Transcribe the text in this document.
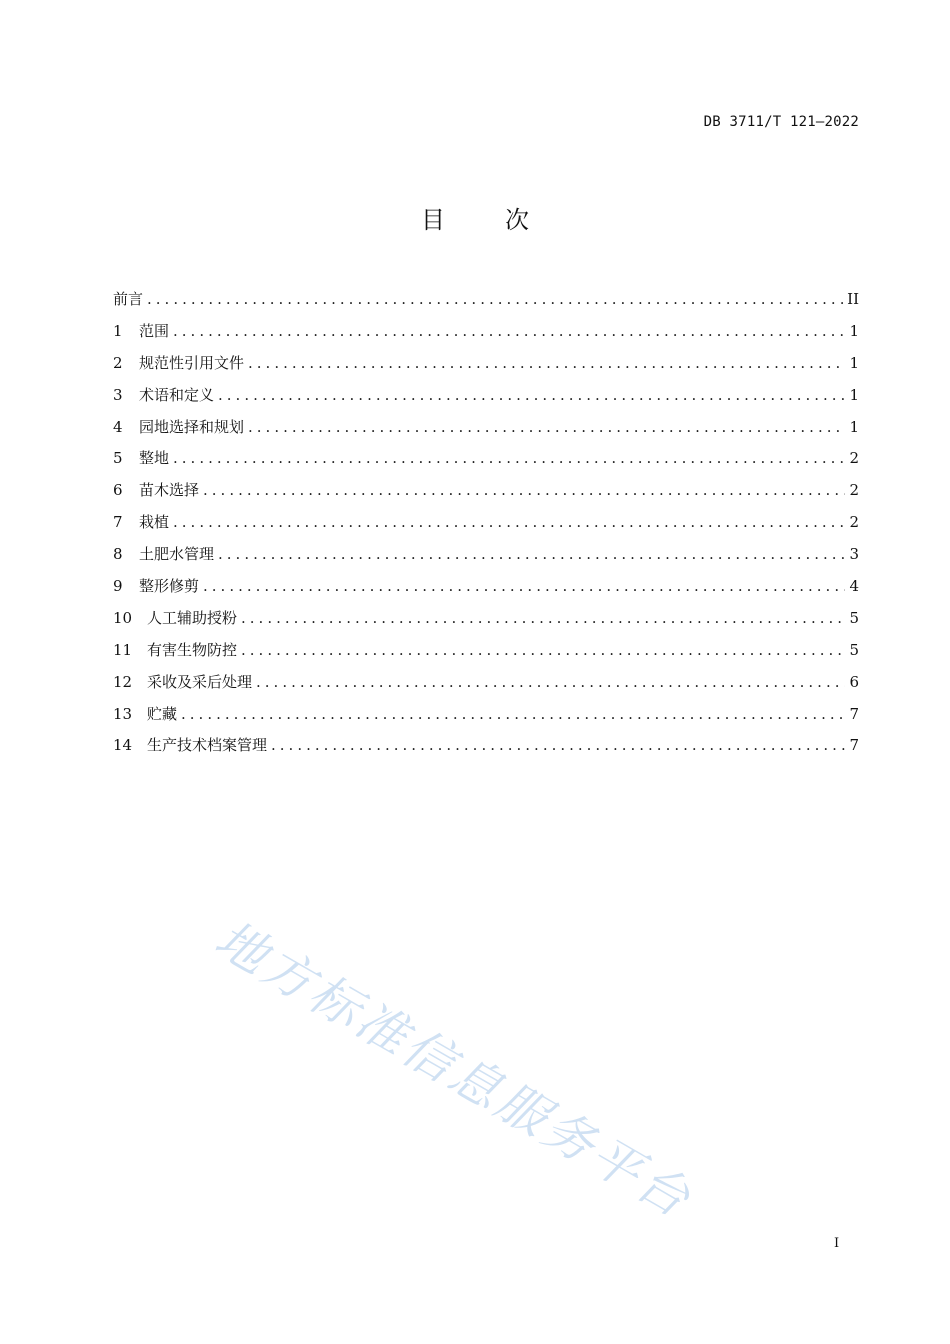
DB 3711/T 121—2022
目	次
前言 .....	II
1	范围 .....	1
2	规范性引用文件 .....	1
3	术语和定义 .....	1
4	园地选择和规划 .....	1
5	整地 .....	2
6	苗木选择 .....	2
7	栽植 .....	2
8	土肥水管理 .....	3
9	整形修剪 .....	4
10 人工辅助授粉 .....	5
11 有害生物防控 .....	5
12 采收及采后处理 .....	6
13 贮藏 .....	7
14 生产技术档案管理 .....	7
地方标准信息服务平台
I
